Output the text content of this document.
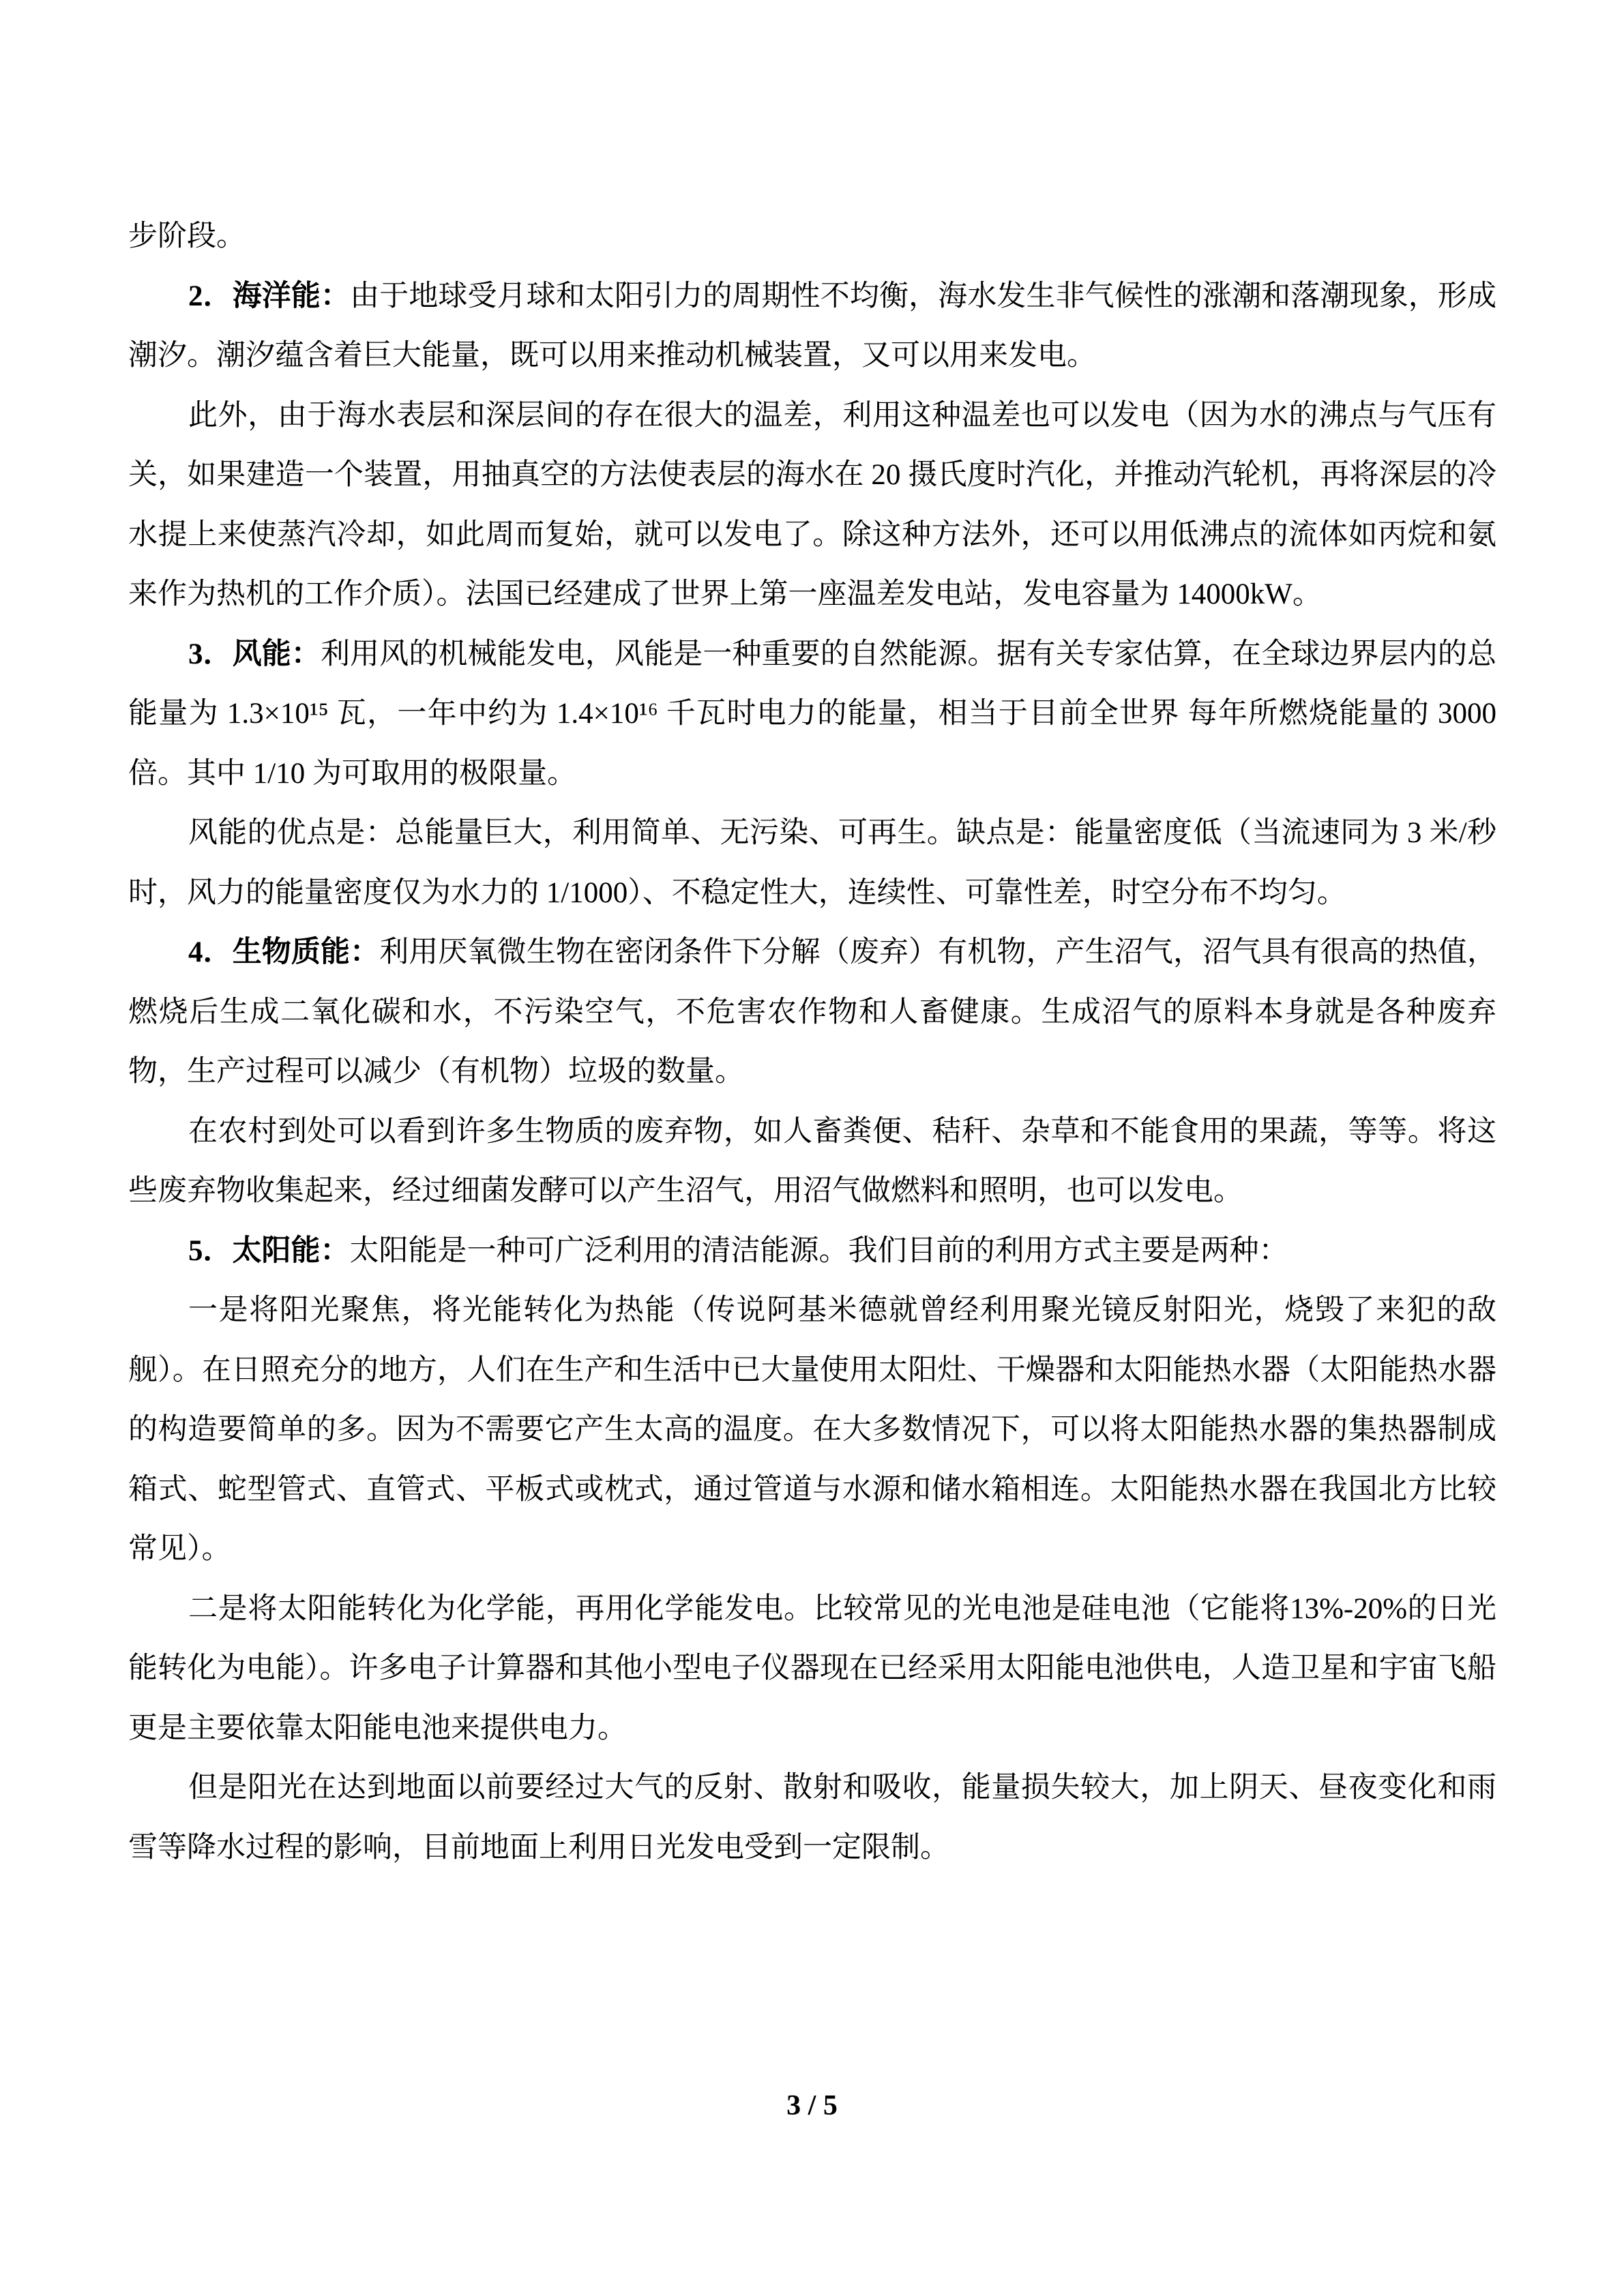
步阶段。

2．海洋能：由于地球受月球和太阳引力的周期性不均衡，海水发生非气候性的涨潮和落潮现象，形成潮汐。潮汐蕴含着巨大能量，既可以用来推动机械装置，又可以用来发电。

此外，由于海水表层和深层间的存在很大的温差，利用这种温差也可以发电（因为水的沸点与气压有关，如果建造一个装置，用抽真空的方法使表层的海水在 20 摄氏度时汽化，并推动汽轮机，再将深层的冷水提上来使蒸汽冷却，如此周而复始，就可以发电了。除这种方法外，还可以用低沸点的流体如丙烷和氨来作为热机的工作介质）。法国已经建成了世界上第一座温差发电站，发电容量为 14000kW。

3．风能：利用风的机械能发电，风能是一种重要的自然能源。据有关专家估算，在全球边界层内的总能量为 1.3×10¹⁵ 瓦，一年中约为 1.4×10¹⁶ 千瓦时电力的能量，相当于目前全世界 每年所燃烧能量的 3000 倍。其中 1/10 为可取用的极限量。

风能的优点是：总能量巨大，利用简单、无污染、可再生。缺点是：能量密度低（当流速同为 3 米/秒时，风力的能量密度仅为水力的 1/1000）、不稳定性大，连续性、可靠性差，时空分布不均匀。

4．生物质能：利用厌氧微生物在密闭条件下分解（废弃）有机物，产生沼气，沼气具有很高的热值，燃烧后生成二氧化碳和水，不污染空气，不危害农作物和人畜健康。生成沼气的原料本身就是各种废弃物，生产过程可以减少（有机物）垃圾的数量。

在农村到处可以看到许多生物质的废弃物，如人畜粪便、秸秆、杂草和不能食用的果蔬，等等。将这些废弃物收集起来，经过细菌发酵可以产生沼气，用沼气做燃料和照明，也可以发电。

5．太阳能：太阳能是一种可广泛利用的清洁能源。我们目前的利用方式主要是两种：

一是将阳光聚焦，将光能转化为热能（传说阿基米德就曾经利用聚光镜反射阳光，烧毁了来犯的敌舰）。在日照充分的地方，人们在生产和生活中已大量使用太阳灶、干燥器和太阳能热水器（太阳能热水器的构造要简单的多。因为不需要它产生太高的温度。在大多数情况下，可以将太阳能热水器的集热器制成箱式、蛇型管式、直管式、平板式或枕式，通过管道与水源和储水箱相连。太阳能热水器在我国北方比较常见）。

二是将太阳能转化为化学能，再用化学能发电。比较常见的光电池是硅电池（它能将13%-20%的日光能转化为电能）。许多电子计算器和其他小型电子仪器现在已经采用太阳能电池供电，人造卫星和宇宙飞船更是主要依靠太阳能电池来提供电力。

但是阳光在达到地面以前要经过大气的反射、散射和吸收，能量损失较大，加上阴天、昼夜变化和雨雪等降水过程的影响，目前地面上利用日光发电受到一定限制。

3 / 5
